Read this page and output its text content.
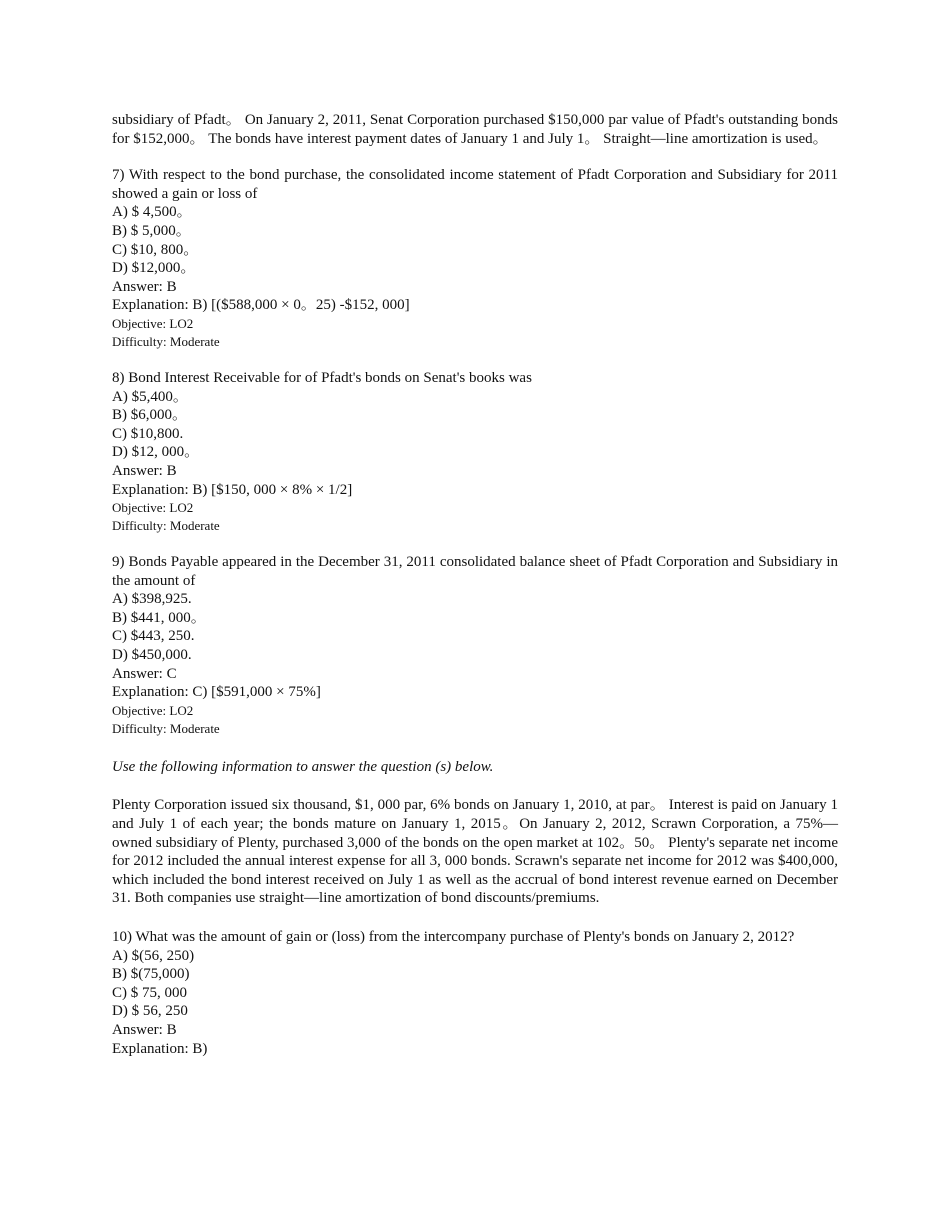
subsidiary of Pfadt。 On January 2, 2011, Senat Corporation purchased $150,000 par value of Pfadt's outstanding bonds for $152,000。 The bonds have interest payment dates of January 1 and July 1。 Straight—line amortization is used。

7) With respect to the bond purchase, the consolidated income statement of Pfadt Corporation and Subsidiary for 2011 showed a gain or loss of

A) $ 4,500。

B) $ 5,000。

C) $10, 800。

D) $12,000。

Answer: B

Explanation: B) [($588,000 × 0。25) -$152, 000]

Objective: LO2

Difficulty: Moderate

8) Bond Interest Receivable for of Pfadt's bonds on Senat's books was

A) $5,400。

B) $6,000。

C) $10,800.

D) $12, 000。

Answer: B

Explanation: B) [$150, 000 × 8% × 1/2]

Objective: LO2

Difficulty: Moderate

9) Bonds Payable appeared in the December 31, 2011 consolidated balance sheet of Pfadt Corporation and Subsidiary in the amount of

A) $398,925.

B) $441, 000。

C) $443, 250.

D) $450,000.

Answer: C

Explanation: C) [$591,000 × 75%]

Objective: LO2

Difficulty: Moderate

Use the following information to answer the question (s) below.

Plenty Corporation issued six thousand, $1, 000 par, 6% bonds on January 1, 2010, at par。 Interest is paid on January 1 and July 1 of each year; the bonds mature on January 1, 2015。On January 2, 2012, Scrawn Corporation, a 75%—owned subsidiary of Plenty, purchased 3,000 of the bonds on the open market at 102。50。 Plenty's separate net income for 2012 included the annual interest expense for all 3, 000 bonds. Scrawn's separate net income for 2012 was $400,000, which included the bond interest received on July 1 as well as the accrual of bond interest revenue earned on December 31. Both companies use straight—line amortization of bond discounts/premiums.

10) What was the amount of gain or (loss) from the intercompany purchase of Plenty's bonds on January 2, 2012?

A) $(56, 250)

B) $(75,000)

C) $ 75, 000

D) $ 56, 250

Answer: B

Explanation: B)
